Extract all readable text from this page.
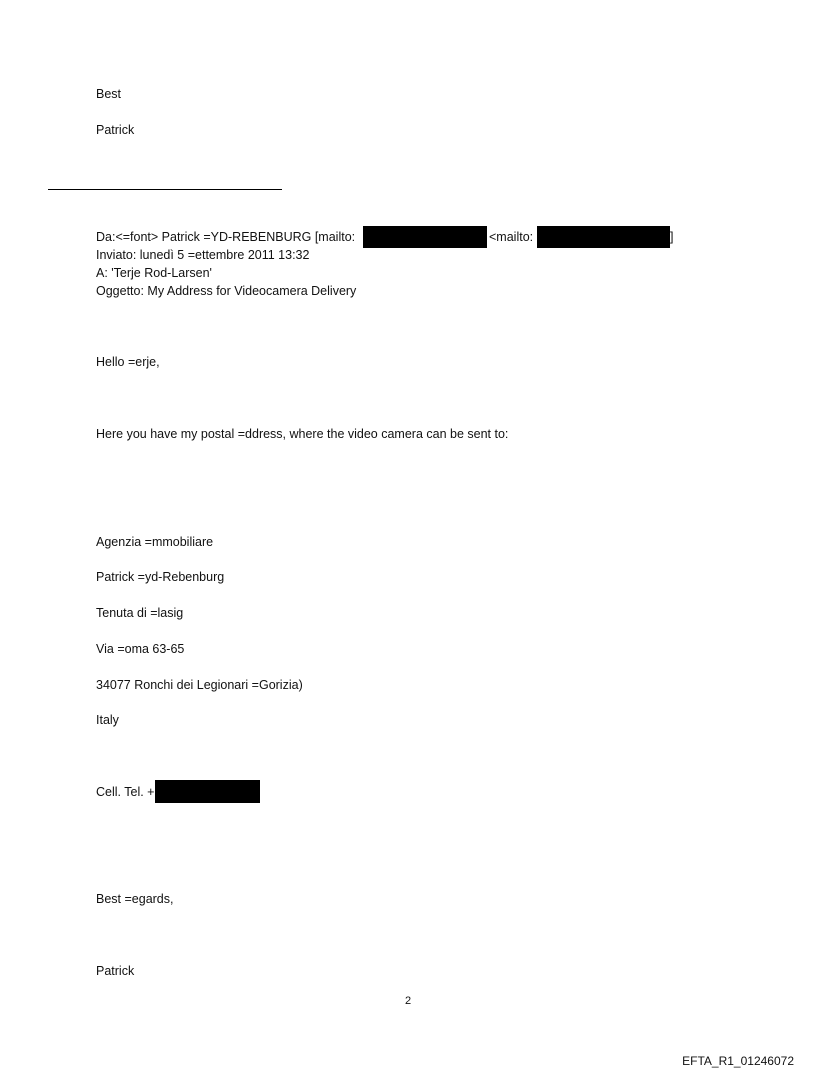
Best
Patrick
Da:<=font> Patrick =YD-REBENBURG [mailto:	<mailto:	]
Inviato: lunedì 5 =ettembre 2011 13:32
A: 'Terje Rod-Larsen'
Oggetto: My Address for Videocamera Delivery
Hello =erje,
Here you have my postal =ddress, where the video camera can be sent to:
Agenzia =mmobiliare
Patrick =yd-Rebenburg
Tenuta di =lasig
Via =oma 63-65
34077 Ronchi dei Legionari =Gorizia)
Italy
Cell. Tel. +
Best =egards,
Patrick
2
EFTA_R1_01246072
